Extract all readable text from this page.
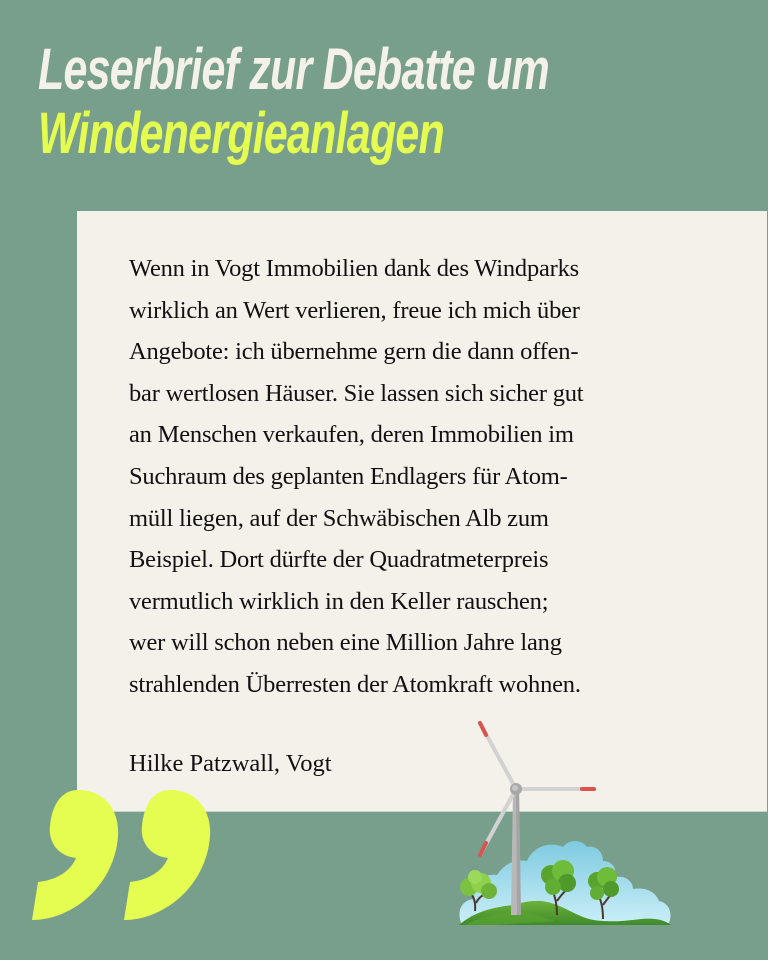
Leserbrief zur Debatte um
Windenergieanlagen

Wenn in Vogt Immobilien dank des Windparks
wirklich an Wert verlieren, freue ich mich über
Angebote: ich übernehme gern die dann offen-
bar wertlosen Häuser. Sie lassen sich sicher gut
an Menschen verkaufen, deren Immobilien im
Suchraum des geplanten Endlagers für Atom-
müll liegen, auf der Schwäbischen Alb zum
Beispiel. Dort dürfte der Quadratmeterpreis
vermutlich wirklich in den Keller rauschen;
wer will schon neben eine Million Jahre lang
strahlenden Überresten der Atomkraft wohnen.

Hilke Patzwall, Vogt
